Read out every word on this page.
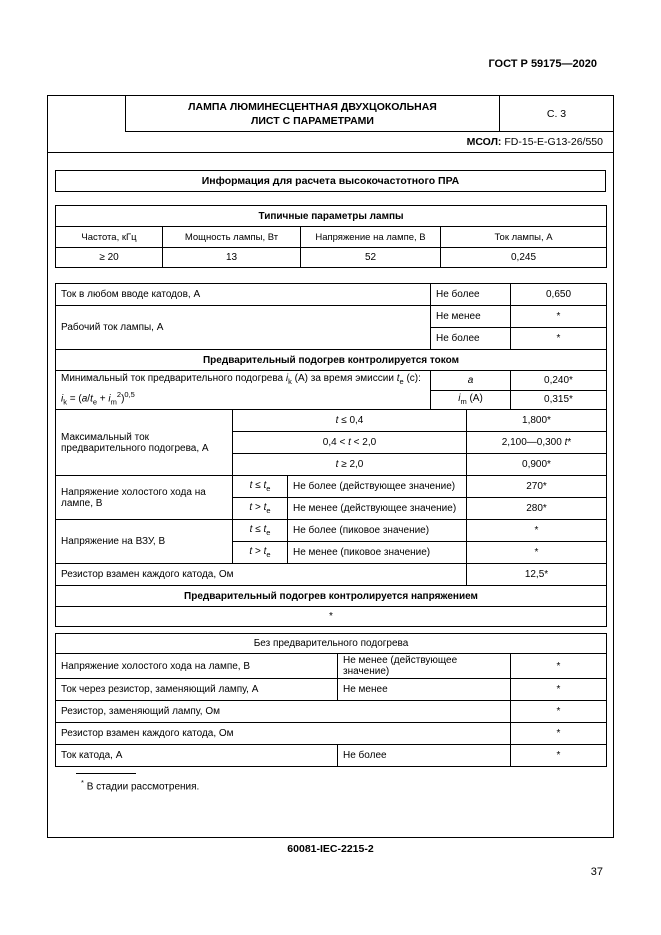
ГОСТ Р 59175—2020
ЛАМПА ЛЮМИНЕСЦЕНТНАЯ ДВУХЦОКОЛЬНАЯ
ЛИСТ С ПАРАМЕТРАМИ
С. 3
МСОЛ: FD-15-E-G13-26/550
Информация для расчета высокочастотного ПРА
Типичные параметры лампы			
Частота, кГц	Мощность лампы, Вт	Напряжение на лампе, В	Ток лампы, А
≥ 20	13	52	0,245
Ток в любом вводе катодов, А			Не более		0,650
Рабочий ток лампы, А			Не менее		*
			Не более		*
Предварительный подогрев контролируется током					
Минимальный ток предварительного подогрева $i_k$ (А) за время эмиссии $t_e$ (с): $i_k = (a/t_e + i_m^2)^{0,5}$			a		0,240*
			$i_m$ (А)		0,315*
Максимальный ток предварительного подогрева, А	t ≤ 0,4			1,800*	
	0,4 < t < 2,0			2,100—0,300 t*	
	t ≥ 2,0			0,900*	
Напряжение холостого хода на лампе, В	$t \le t_e$	Не более (действующее значение)		270*	
	$t > t_e$	Не менее (действующее значение)		280*	
Напряжение на ВЗУ, В	$t \le t_e$	Не более (пиковое значение)		*	
	$t > t_e$	Не менее (пиковое значение)		*	
Резистор взамен каждого катода, Ом				12,5*	
Предварительный подогрев контролируется напряжением					
*					
Без предварительного подогрева		
Напряжение холостого хода на лампе, В	Не менее (действующее значение)	*
Ток через резистор, заменяющий лампу, А	Не менее	*
Резистор, заменяющий лампу, Ом		*
Резистор взамен каждого катода, Ом		*
Ток катода, А	Не более	*
* В стадии рассмотрения.
60081-IEC-2215-2
37
